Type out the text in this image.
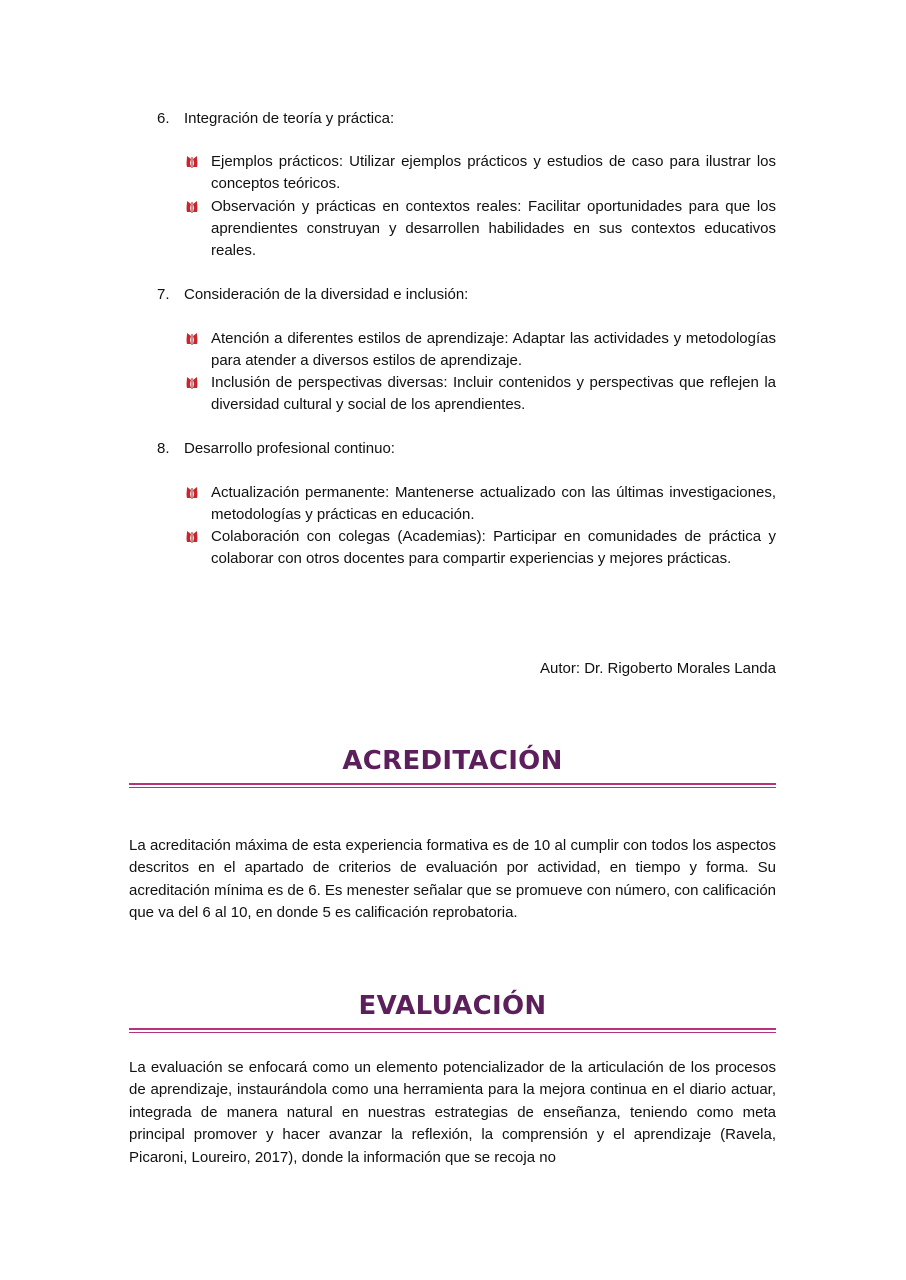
6. Integración de teoría y práctica:
Ejemplos prácticos: Utilizar ejemplos prácticos y estudios de caso para ilustrar los conceptos teóricos.
Observación y prácticas en contextos reales: Facilitar oportunidades para que los aprendientes construyan y desarrollen habilidades en sus contextos educativos reales.
7. Consideración de la diversidad e inclusión:
Atención a diferentes estilos de aprendizaje: Adaptar las actividades y metodologías para atender a diversos estilos de aprendizaje.
Inclusión de perspectivas diversas: Incluir contenidos y perspectivas que reflejen la diversidad cultural y social de los aprendientes.
8. Desarrollo profesional continuo:
Actualización permanente: Mantenerse actualizado con las últimas investigaciones, metodologías y prácticas en educación.
Colaboración con colegas (Academias): Participar en comunidades de práctica y colaborar con otros docentes para compartir experiencias y mejores prácticas.
Autor: Dr. Rigoberto Morales Landa
ACREDITACIÓN
La acreditación máxima de esta experiencia formativa es de 10 al cumplir con todos los aspectos descritos en el apartado de criterios de evaluación por actividad, en tiempo y forma. Su acreditación mínima es de 6. Es menester señalar que se promueve con número, con calificación que va del 6 al 10, en donde 5 es calificación reprobatoria.
EVALUACIÓN
La evaluación se enfocará como un elemento potencializador de la articulación de los procesos de aprendizaje, instaurándola como una herramienta para la mejora continua en el diario actuar, integrada de manera natural en nuestras estrategias de enseñanza, teniendo como meta principal promover y hacer avanzar la reflexión, la comprensión y el aprendizaje (Ravela, Picaroni, Loureiro, 2017), donde la información que se recoja no
